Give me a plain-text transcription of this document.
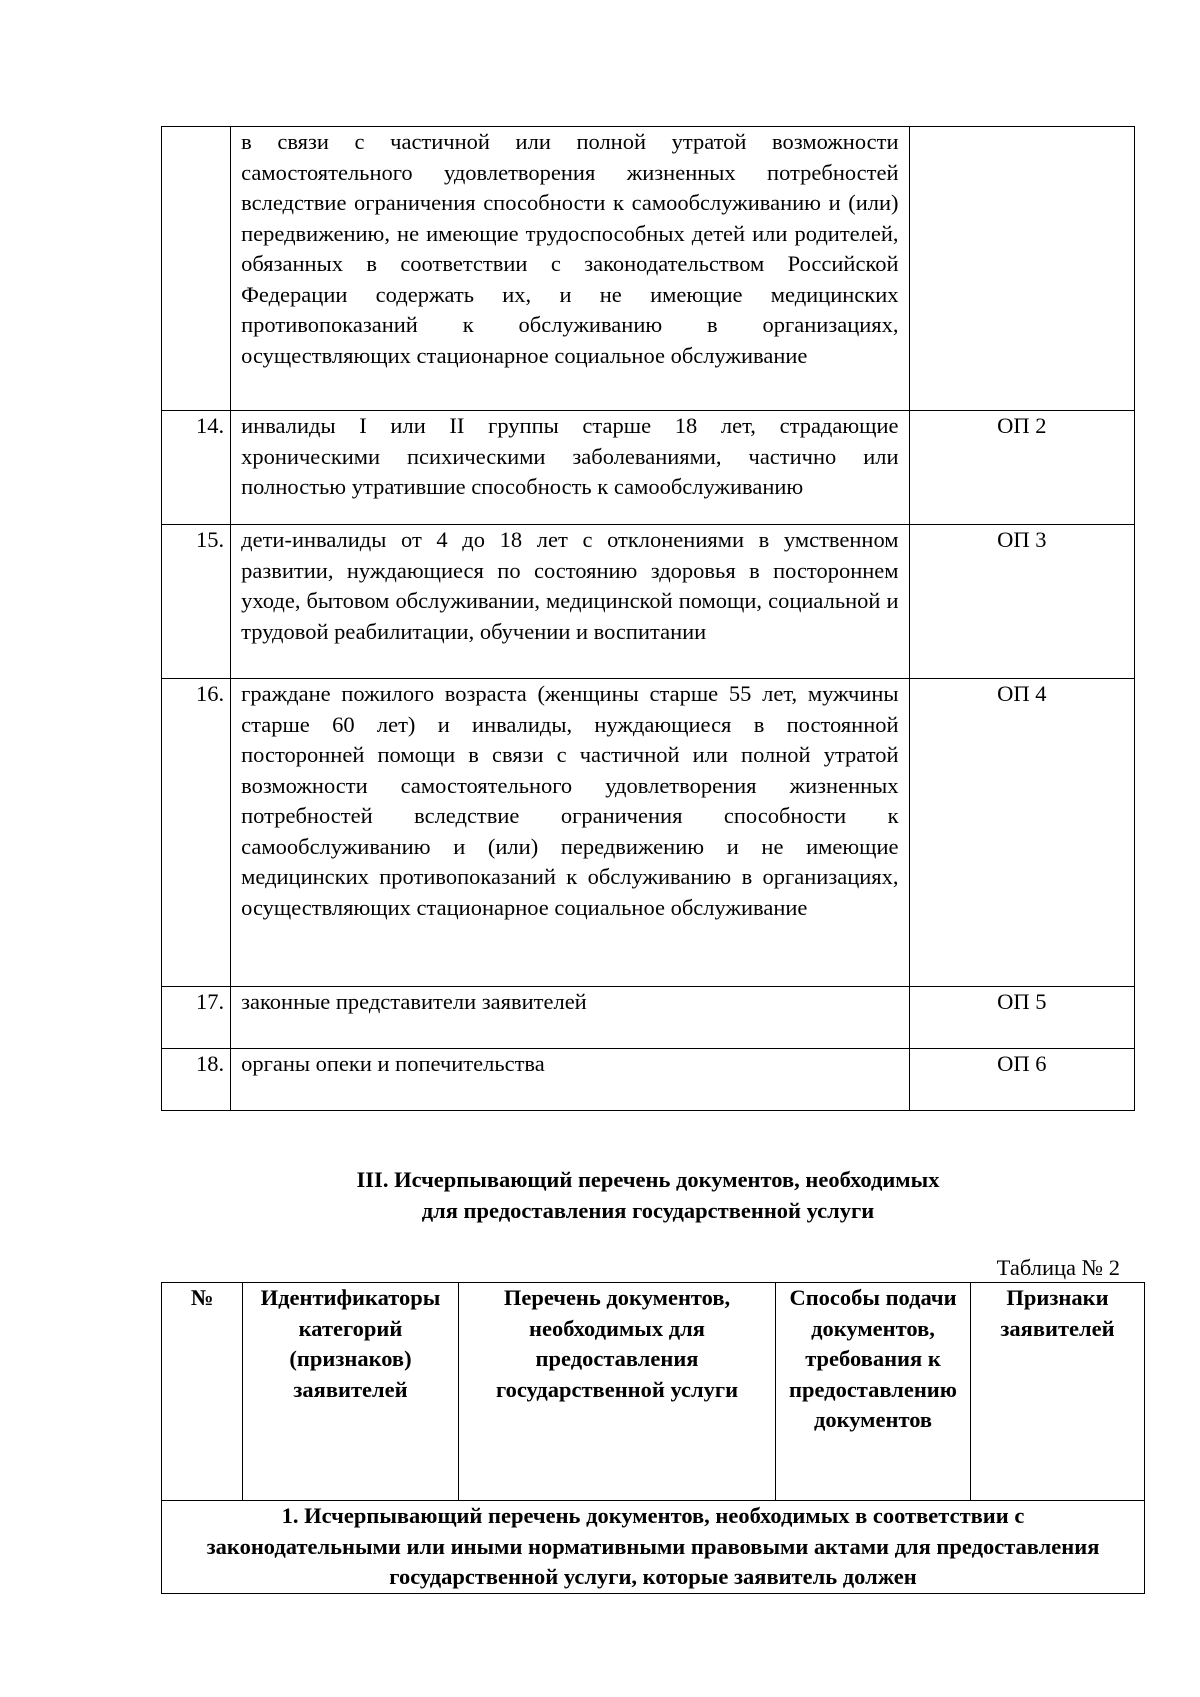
	в связи с частичной или полной утратой возможности самостоятельного удовлетворения жизненных потребностей вследствие ограничения способности к самообслуживанию и (или) передвижению, не имеющие трудоспособных детей или родителей, обязанных в соответствии с законодательством Российской Федерации содержать их, и не имеющие медицинских противопоказаний к обслуживанию в организациях, осуществляющих стационарное социальное обслуживание	

14.	инвалиды I или II группы старше 18 лет, страдающие хроническими психическими заболеваниями, частично или полностью утратившие способность к самообслуживанию	ОП 2
15.	дети-инвалиды от 4 до 18 лет с отклонениями в умственном развитии, нуждающиеся по состоянию здоровья в постороннем уходе, бытовом обслуживании, медицинской помощи, социальной и трудовой реабилитации, обучении и воспитании	ОП 3
16.	граждане пожилого возраста (женщины старше 55 лет, мужчины старше 60 лет) и инвалиды, нуждающиеся в постоянной посторонней помощи в связи с частичной или полной утратой возможности самостоятельного удовлетворения жизненных потребностей вследствие ограничения способности к самообслуживанию и (или) передвижению и не имеющие медицинских противопоказаний к обслуживанию в организациях, осуществляющих стационарное социальное обслуживание	ОП 4
17.	законные представители заявителей	ОП 5
18.	органы опеки и попечительства	ОП 6
III. Исчерпывающий перечень документов, необходимых
для предоставления государственной услуги
Таблица № 2
№	Идентификаторы категорий (признаков) заявителей	Перечень документов, необходимых для предоставления государственной услуги	Способы подачи документов, требования к предоставлению документов	Признаки заявителей
1. Исчерпывающий перечень документов, необходимых в соответствии с законодательными или иными нормативными правовыми актами для предоставления государственной услуги, которые заявитель должен
